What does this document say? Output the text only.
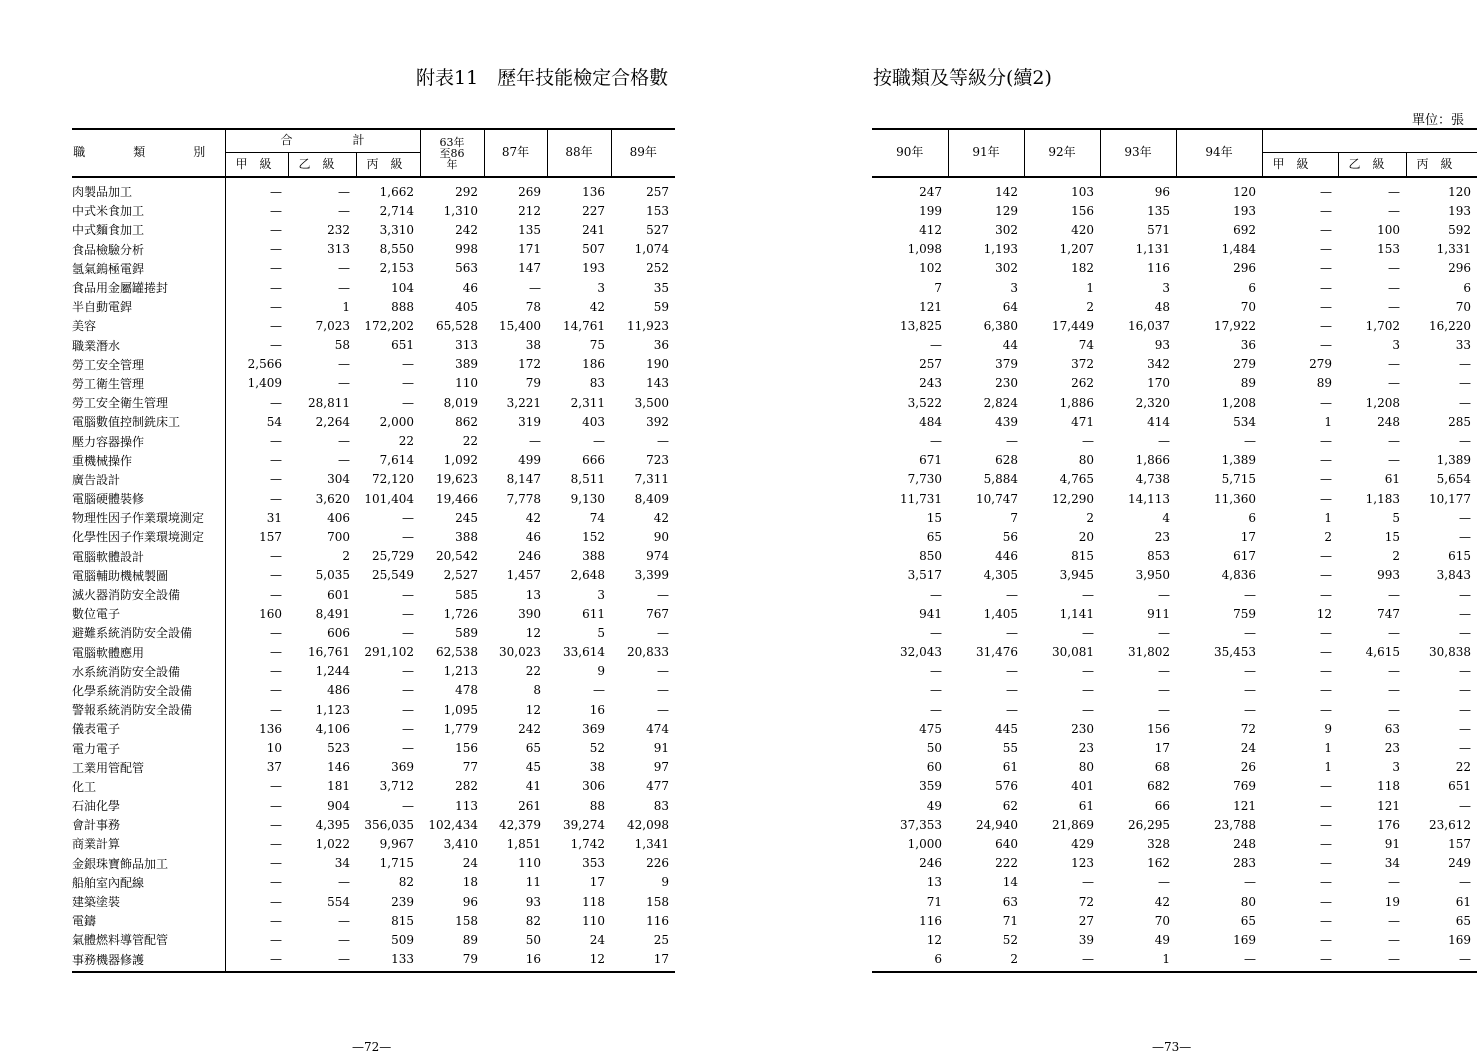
附表11　歷年技能檢定合格數	按職類及等級分(續2)
單位：張
職　類　別	合　　　　　計			63年至86年	87年	88年	89年
	甲　級	乙　級	丙　級				
肉製品加工	—	—	1,662	292	269	136	257
中式米食加工	—	—	2,714	1,310	212	227	153
中式麵食加工	—	232	3,310	242	135	241	527
食品檢驗分析	—	313	8,550	998	171	507	1,074
氬氣鎢極電銲	—	—	2,153	563	147	193	252
食品用金屬罐捲封	—	—	104	46	—	3	35
半自動電銲	—	1	888	405	78	42	59
美容	—	7,023	172,202	65,528	15,400	14,761	11,923
職業潛水	—	58	651	313	38	75	36
勞工安全管理	2,566	—	—	389	172	186	190
勞工衛生管理	1,409	—	—	110	79	83	143
勞工安全衛生管理	—	28,811	—	8,019	3,221	2,311	3,500
電腦數值控制銑床工	54	2,264	2,000	862	319	403	392
壓力容器操作	—	—	22	22	—	—	—
重機械操作	—	—	7,614	1,092	499	666	723
廣告設計	—	304	72,120	19,623	8,147	8,511	7,311
電腦硬體裝修	—	3,620	101,404	19,466	7,778	9,130	8,409
物理性因子作業環境測定	31	406	—	245	42	74	42
化學性因子作業環境測定	157	700	—	388	46	152	90
電腦軟體設計	—	2	25,729	20,542	246	388	974
電腦輔助機械製圖	—	5,035	25,549	2,527	1,457	2,648	3,399
滅火器消防安全設備	—	601	—	585	13	3	—
數位電子	160	8,491	—	1,726	390	611	767
避難系統消防安全設備	—	606	—	589	12	5	—
電腦軟體應用	—	16,761	291,102	62,538	30,023	33,614	20,833
水系統消防安全設備	—	1,244	—	1,213	22	9	—
化學系統消防安全設備	—	486	—	478	8	—	—
警報系統消防安全設備	—	1,123	—	1,095	12	16	—
儀表電子	136	4,106	—	1,779	242	369	474
電力電子	10	523	—	156	65	52	91
工業用管配管	37	146	369	77	45	38	97
化工	—	181	3,712	282	41	306	477
石油化學	—	904	—	113	261	88	83
會計事務	—	4,395	356,035	102,434	42,379	39,274	42,098
商業計算	—	1,022	9,967	3,410	1,851	1,742	1,341
金銀珠寶飾品加工	—	34	1,715	24	110	353	226
船舶室內配線	—	—	82	18	11	17	9
建築塗裝	—	554	239	96	93	118	158
電鑄	—	—	815	158	82	110	116
氣體燃料導管配管	—	—	509	89	50	24	25
事務機器修護	—	—	133	79	16	12	17
90年	91年	92年	93年	94年			
					甲　級	乙　級	丙　級
247	142	103	96	120	—	—	120
199	129	156	135	193	—	—	193
412	302	420	571	692	—	100	592
1,098	1,193	1,207	1,131	1,484	—	153	1,331
102	302	182	116	296	—	—	296
7	3	1	3	6	—	—	6
121	64	2	48	70	—	—	70
13,825	6,380	17,449	16,037	17,922	—	1,702	16,220
—	44	74	93	36	—	3	33
257	379	372	342	279	279	—	—
243	230	262	170	89	89	—	—
3,522	2,824	1,886	2,320	1,208	—	1,208	—
484	439	471	414	534	1	248	285
—	—	—	—	—	—	—	—
671	628	80	1,866	1,389	—	—	1,389
7,730	5,884	4,765	4,738	5,715	—	61	5,654
11,731	10,747	12,290	14,113	11,360	—	1,183	10,177
15	7	2	4	6	1	5	—
65	56	20	23	17	2	15	—
850	446	815	853	617	—	2	615
3,517	4,305	3,945	3,950	4,836	—	993	3,843
—	—	—	—	—	—	—	—
941	1,405	1,141	911	759	12	747	—
—	—	—	—	—	—	—	—
32,043	31,476	30,081	31,802	35,453	—	4,615	30,838
—	—	—	—	—	—	—	—
—	—	—	—	—	—	—	—
—	—	—	—	—	—	—	—
475	445	230	156	72	9	63	—
50	55	23	17	24	1	23	—
60	61	80	68	26	1	3	22
359	576	401	682	769	—	118	651
49	62	61	66	121	—	121	—
37,353	24,940	21,869	26,295	23,788	—	176	23,612
1,000	640	429	328	248	—	91	157
246	222	123	162	283	—	34	249
13	14	—	—	—	—	—	—
71	63	72	42	80	—	19	61
116	71	27	70	65	—	—	65
12	52	39	49	169	—	—	169
6	2	—	1	—	—	—	—
—72—	—73—
